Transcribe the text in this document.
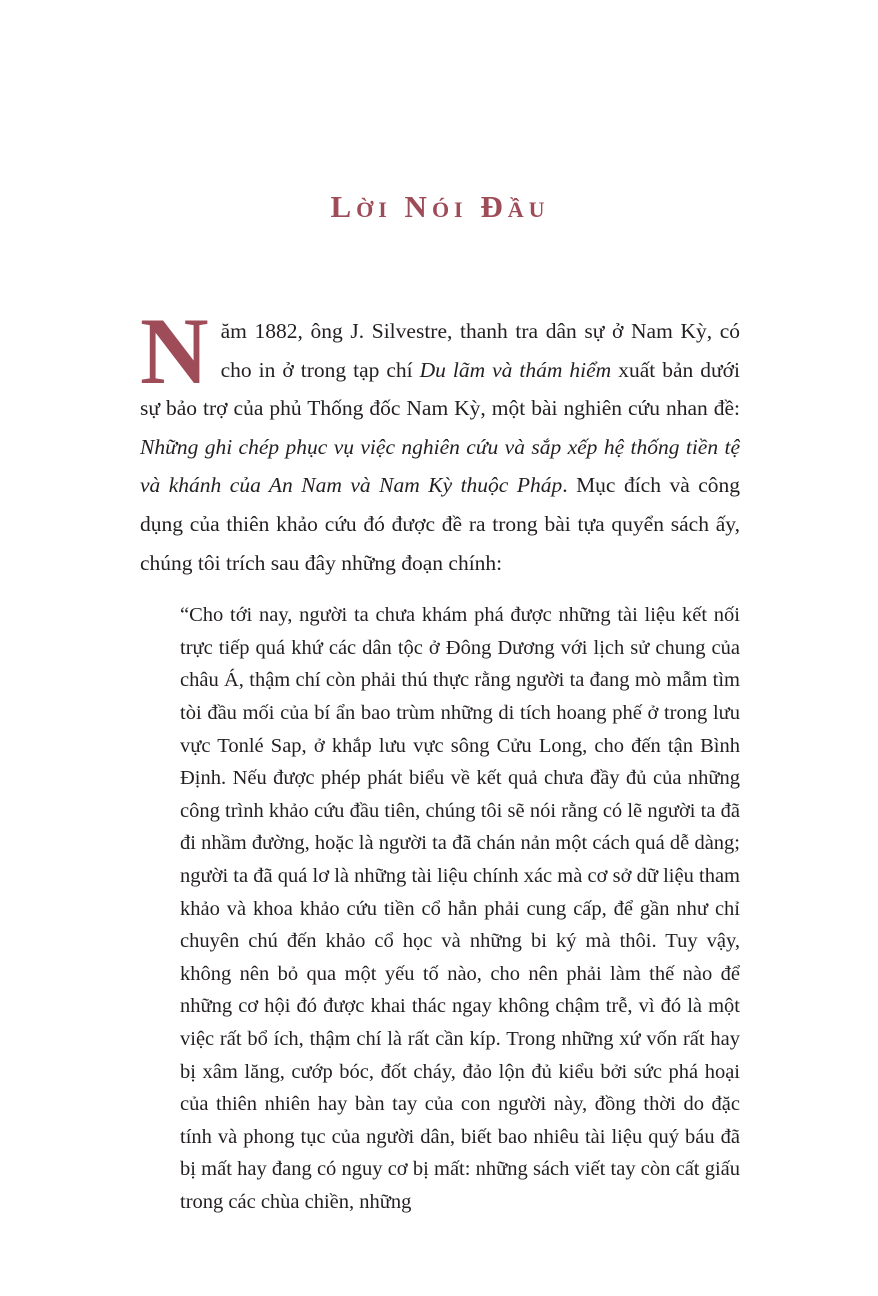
Lời Nói Đầu

Năm 1882, ông J. Silvestre, thanh tra dân sự ở Nam Kỳ, có cho in ở trong tạp chí Du lãm và thám hiểm xuất bản dưới sự bảo trợ của phủ Thống đốc Nam Kỳ, một bài nghiên cứu nhan đề: Những ghi chép phục vụ việc nghiên cứu và sắp xếp hệ thống tiền tệ và khánh của An Nam và Nam Kỳ thuộc Pháp. Mục đích và công dụng của thiên khảo cứu đó được đề ra trong bài tựa quyển sách ấy, chúng tôi trích sau đây những đoạn chính:

“Cho tới nay, người ta chưa khám phá được những tài liệu kết nối trực tiếp quá khứ các dân tộc ở Đông Dương với lịch sử chung của châu Á, thậm chí còn phải thú thực rằng người ta đang mò mẫm tìm tòi đầu mối của bí ẩn bao trùm những di tích hoang phế ở trong lưu vực Tonlé Sap, ở khắp lưu vực sông Cửu Long, cho đến tận Bình Định. Nếu được phép phát biểu về kết quả chưa đầy đủ của những công trình khảo cứu đầu tiên, chúng tôi sẽ nói rằng có lẽ người ta đã đi nhầm đường, hoặc là người ta đã chán nản một cách quá dễ dàng; người ta đã quá lơ là những tài liệu chính xác mà cơ sở dữ liệu tham khảo và khoa khảo cứu tiền cổ hẳn phải cung cấp, để gần như chỉ chuyên chú đến khảo cổ học và những bi ký mà thôi. Tuy vậy, không nên bỏ qua một yếu tố nào, cho nên phải làm thế nào để những cơ hội đó được khai thác ngay không chậm trễ, vì đó là một việc rất bổ ích, thậm chí là rất cần kíp. Trong những xứ vốn rất hay bị xâm lăng, cướp bóc, đốt cháy, đảo lộn đủ kiểu bởi sức phá hoại của thiên nhiên hay bàn tay của con người này, đồng thời do đặc tính và phong tục của người dân, biết bao nhiêu tài liệu quý báu đã bị mất hay đang có nguy cơ bị mất: những sách viết tay còn cất giấu trong các chùa chiền, những
